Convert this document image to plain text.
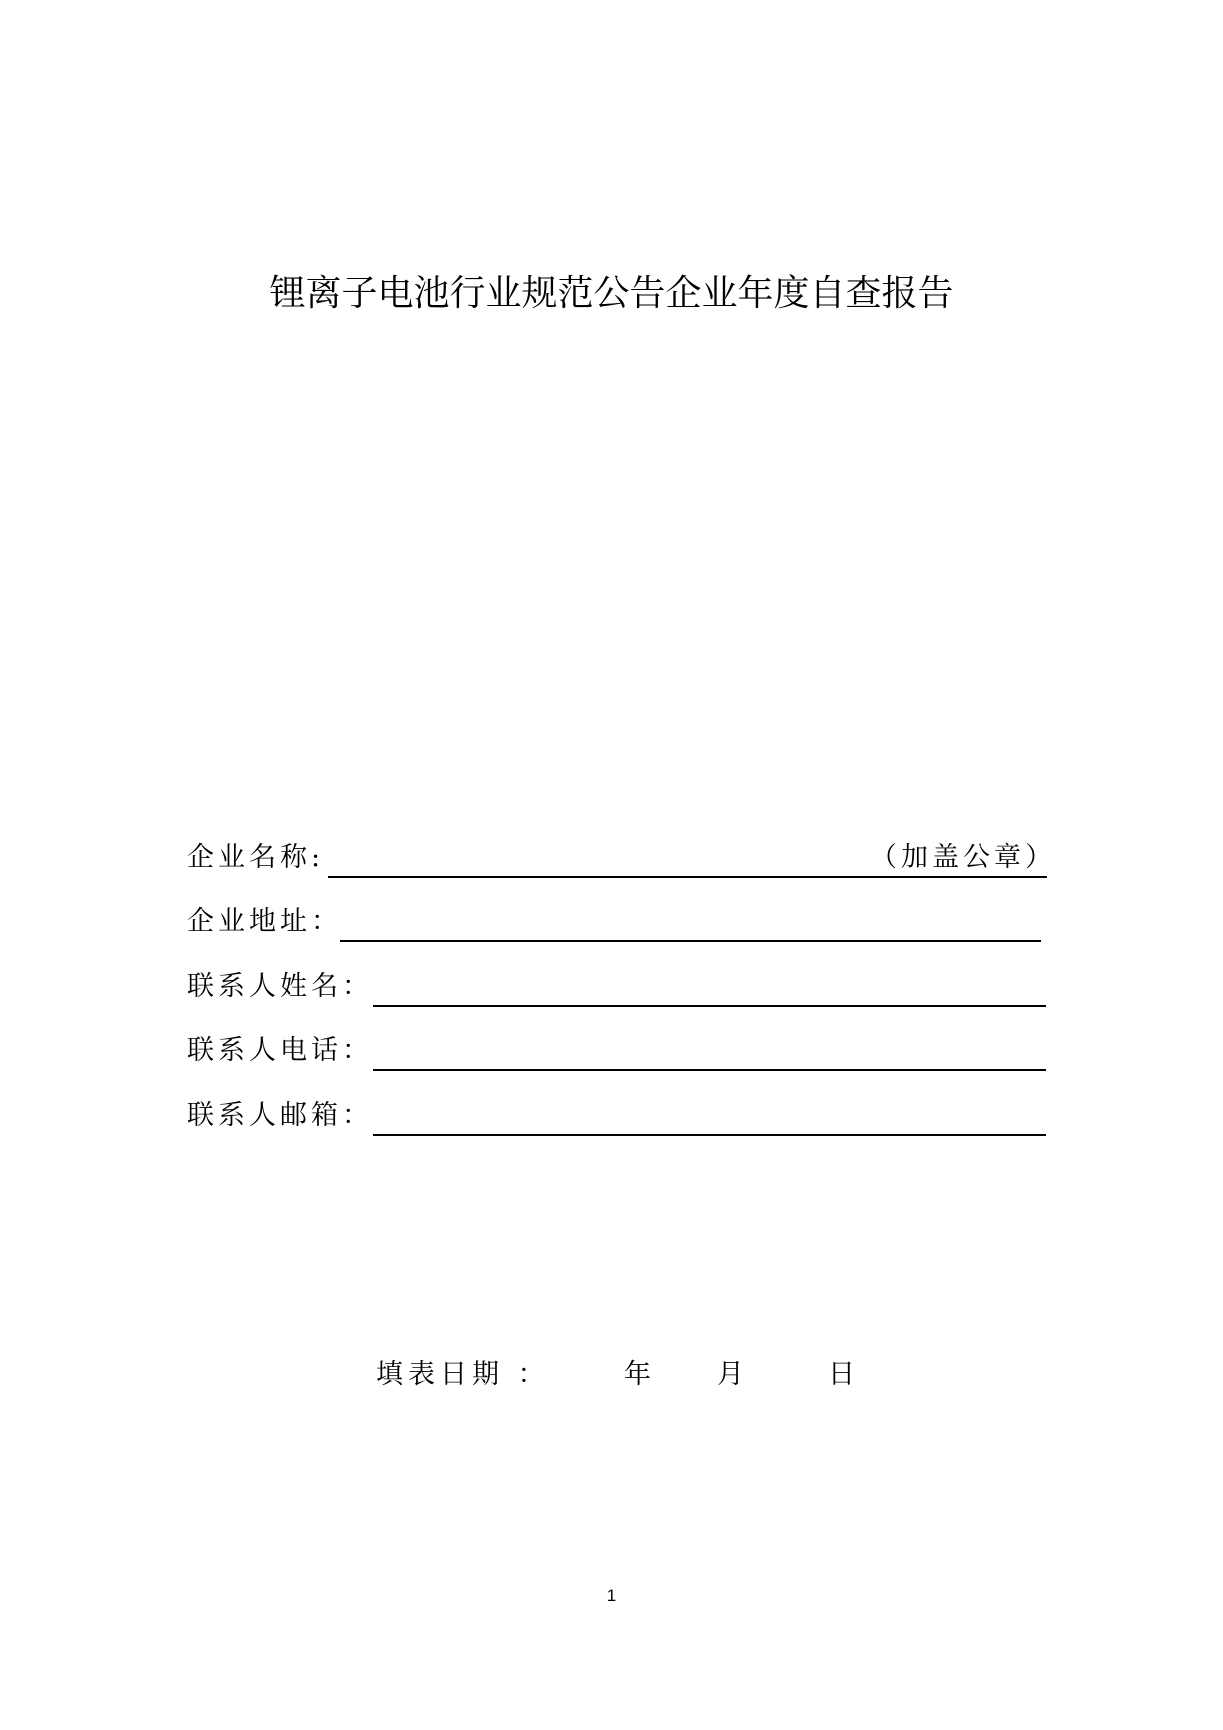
锂离子电池行业规范公告企业年度自查报告
企业名称:	（加盖公章）
企业地址：
联系人姓名：
联系人电话：
联系人邮箱：
填表日期 ：	年 月	日
1
